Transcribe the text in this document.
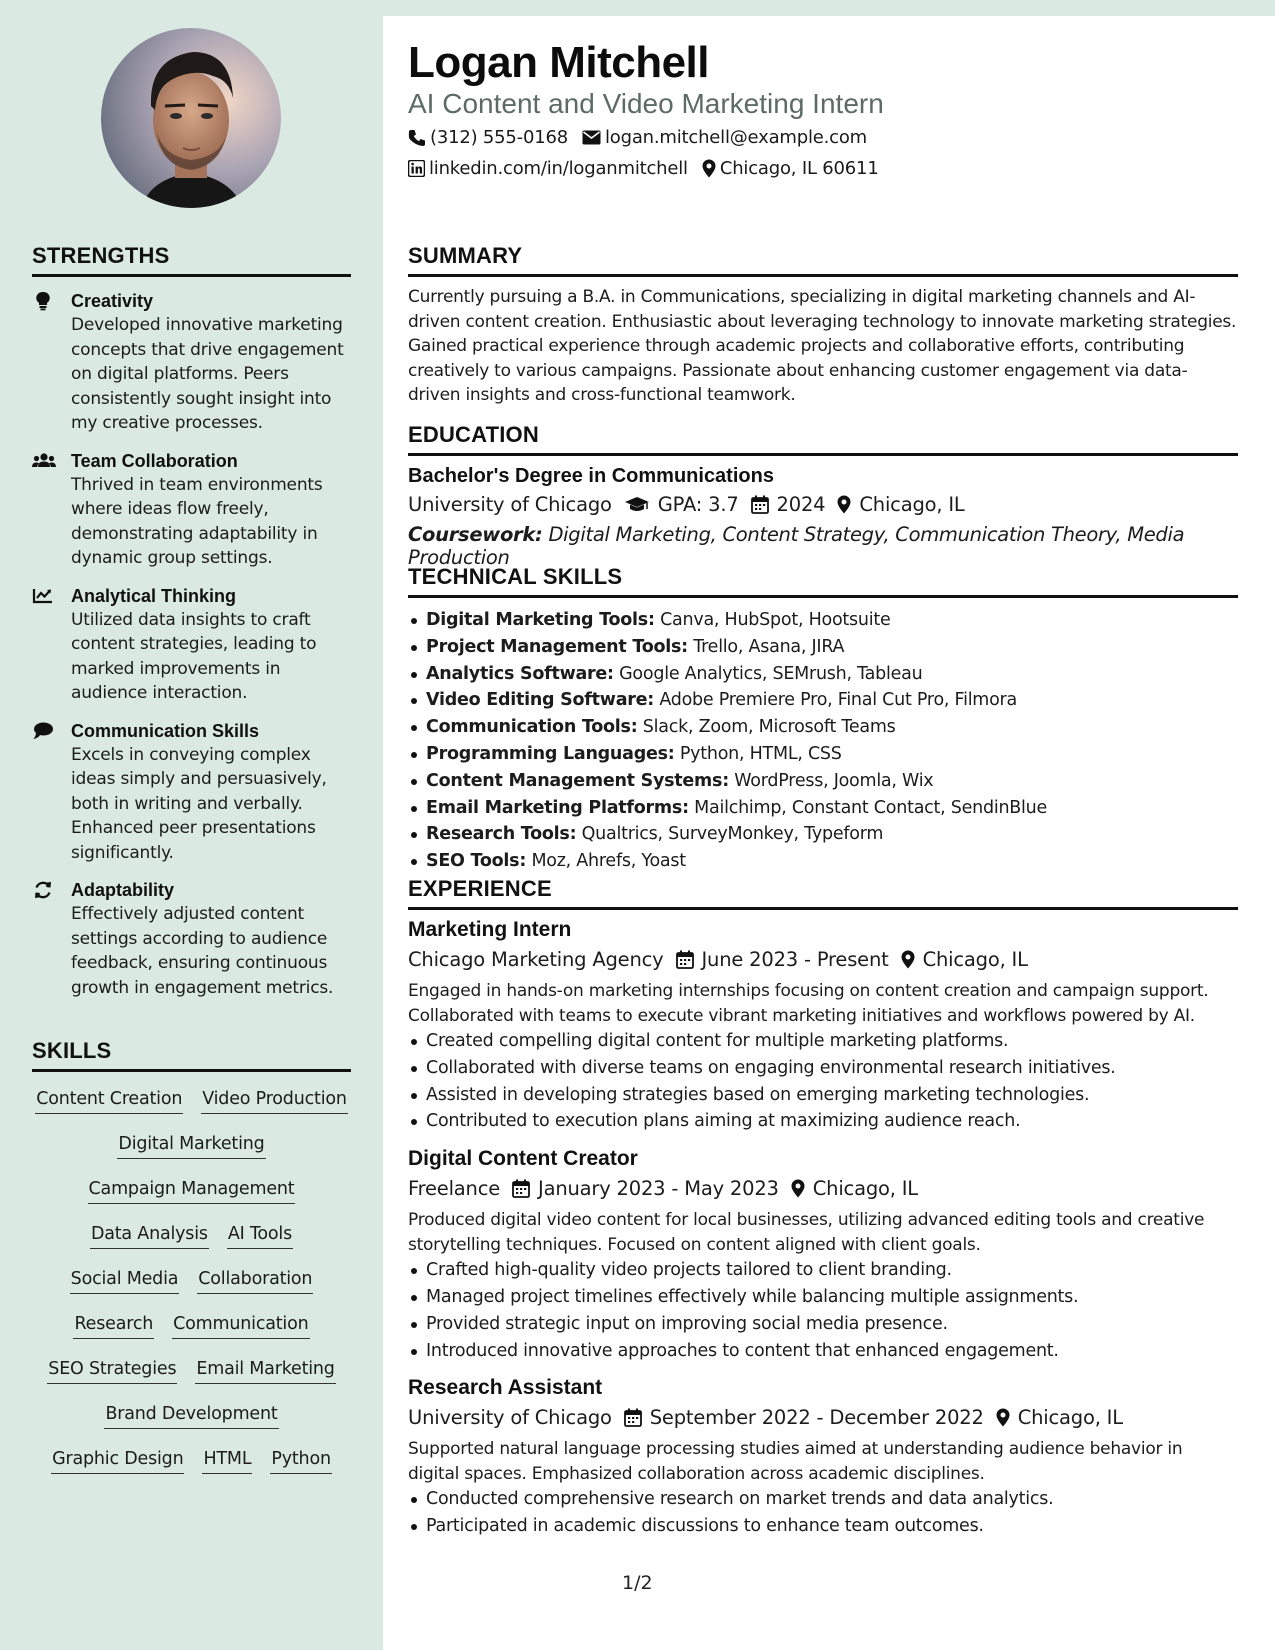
STRENGTHS
Creativity
Developed innovative marketing concepts that drive engagement on digital platforms. Peers consistently sought insight into my creative processes.
Team Collaboration
Thrived in team environments where ideas flow freely, demonstrating adaptability in dynamic group settings.
Analytical Thinking
Utilized data insights to craft content strategies, leading to marked improvements in audience interaction.
Communication Skills
Excels in conveying complex ideas simply and persuasively, both in writing and verbally. Enhanced peer presentations significantly.
Adaptability
Effectively adjusted content settings according to audience feedback, ensuring continuous growth in engagement metrics.
SKILLS
Content Creation Video Production
Digital Marketing
Campaign Management
Data Analysis AI Tools
Social Media Collaboration
Research Communication
SEO Strategies Email Marketing
Brand Development
Graphic Design HTML Python
Logan Mitchell
AI Content and Video Marketing Intern
(312) 555-0168 logan.mitchell@example.com
linkedin.com/in/loganmitchell Chicago, IL 60611
SUMMARY
Currently pursuing a B.A. in Communications, specializing in digital marketing channels and AI-driven content creation. Enthusiastic about leveraging technology to innovate marketing strategies. Gained practical experience through academic projects and collaborative efforts, contributing creatively to various campaigns. Passionate about enhancing customer engagement via data-driven insights and cross-functional teamwork.
EDUCATION
Bachelor's Degree in Communications
University of Chicago GPA: 3.7 2024 Chicago, IL
Coursework: Digital Marketing, Content Strategy, Communication Theory, Media Production
TECHNICAL SKILLS
Digital Marketing Tools: Canva, HubSpot, Hootsuite
Project Management Tools: Trello, Asana, JIRA
Analytics Software: Google Analytics, SEMrush, Tableau
Video Editing Software: Adobe Premiere Pro, Final Cut Pro, Filmora
Communication Tools: Slack, Zoom, Microsoft Teams
Programming Languages: Python, HTML, CSS
Content Management Systems: WordPress, Joomla, Wix
Email Marketing Platforms: Mailchimp, Constant Contact, SendinBlue
Research Tools: Qualtrics, SurveyMonkey, Typeform
SEO Tools: Moz, Ahrefs, Yoast
EXPERIENCE
Marketing Intern
Chicago Marketing Agency June 2023 - Present Chicago, IL
Engaged in hands-on marketing internships focusing on content creation and campaign support. Collaborated with teams to execute vibrant marketing initiatives and workflows powered by AI.
Created compelling digital content for multiple marketing platforms.
Collaborated with diverse teams on engaging environmental research initiatives.
Assisted in developing strategies based on emerging marketing technologies.
Contributed to execution plans aiming at maximizing audience reach.
Digital Content Creator
Freelance January 2023 - May 2023 Chicago, IL
Produced digital video content for local businesses, utilizing advanced editing tools and creative storytelling techniques. Focused on content aligned with client goals.
Crafted high-quality video projects tailored to client branding.
Managed project timelines effectively while balancing multiple assignments.
Provided strategic input on improving social media presence.
Introduced innovative approaches to content that enhanced engagement.
Research Assistant
University of Chicago September 2022 - December 2022 Chicago, IL
Supported natural language processing studies aimed at understanding audience behavior in digital spaces. Emphasized collaboration across academic disciplines.
Conducted comprehensive research on market trends and data analytics.
Participated in academic discussions to enhance team outcomes.
1/2
